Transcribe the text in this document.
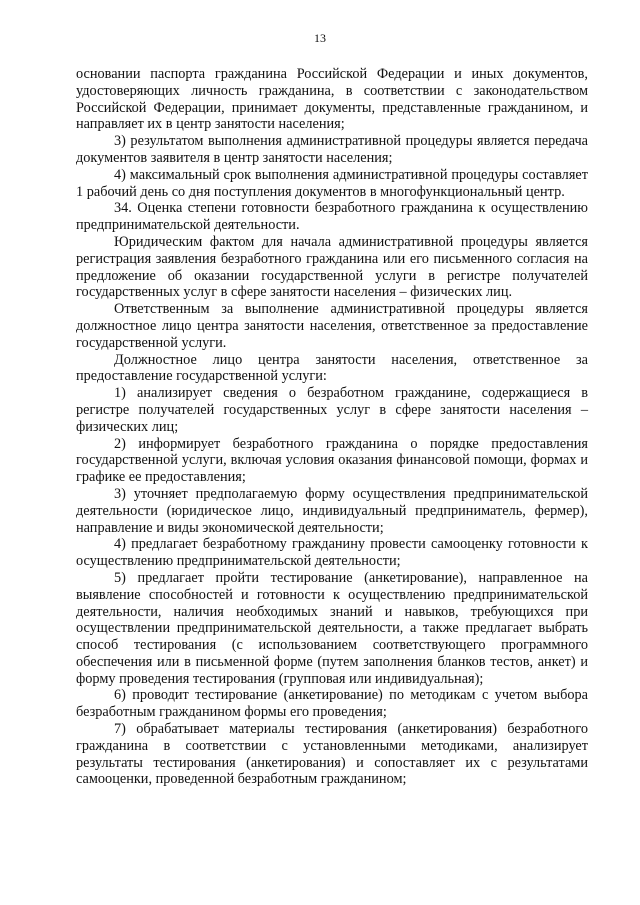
13

основании паспорта гражданина Российской Федерации и иных документов, удостоверяющих личность гражданина, в соответствии с законодательством Российской Федерации, принимает документы, представленные гражданином, и направляет их в центр занятости населения;

3) результатом выполнения административной процедуры является передача документов заявителя в центр занятости населения;

4) максимальный срок выполнения административной процедуры составляет 1 рабочий день со дня поступления документов в многофункциональный центр.

34. Оценка степени готовности безработного гражданина к осуществлению предпринимательской деятельности.

Юридическим фактом для начала административной процедуры является регистрация заявления безработного гражданина или его письменного согласия на предложение об оказании государственной услуги в регистре получателей государственных услуг в сфере занятости населения – физических лиц.

Ответственным за выполнение административной процедуры является должностное лицо центра занятости населения, ответственное за предоставление государственной услуги.

Должностное лицо центра занятости населения, ответственное за предоставление государственной услуги:

1) анализирует сведения о безработном гражданине, содержащиеся в регистре получателей государственных услуг в сфере занятости населения – физических лиц;

2) информирует безработного гражданина о порядке предоставления государственной услуги, включая условия оказания финансовой помощи, формах и графике ее предоставления;

3) уточняет предполагаемую форму осуществления предпринимательской деятельности (юридическое лицо, индивидуальный предприниматель, фермер), направление и виды экономической деятельности;

4) предлагает безработному гражданину провести самооценку готовности к осуществлению предпринимательской деятельности;

5) предлагает пройти тестирование (анкетирование), направленное на выявление способностей и готовности к осуществлению предпринимательской деятельности, наличия необходимых знаний и навыков, требующихся при осуществлении предпринимательской деятельности, а также предлагает выбрать способ тестирования (с использованием соответствующего программного обеспечения или в письменной форме (путем заполнения бланков тестов, анкет) и форму проведения тестирования (групповая или индивидуальная);

6) проводит тестирование (анкетирование) по методикам с учетом выбора безработным гражданином формы его проведения;

7) обрабатывает материалы тестирования (анкетирования) безработного гражданина в соответствии с установленными методиками, анализирует результаты тестирования (анкетирования) и сопоставляет их с результатами самооценки, проведенной безработным гражданином;
